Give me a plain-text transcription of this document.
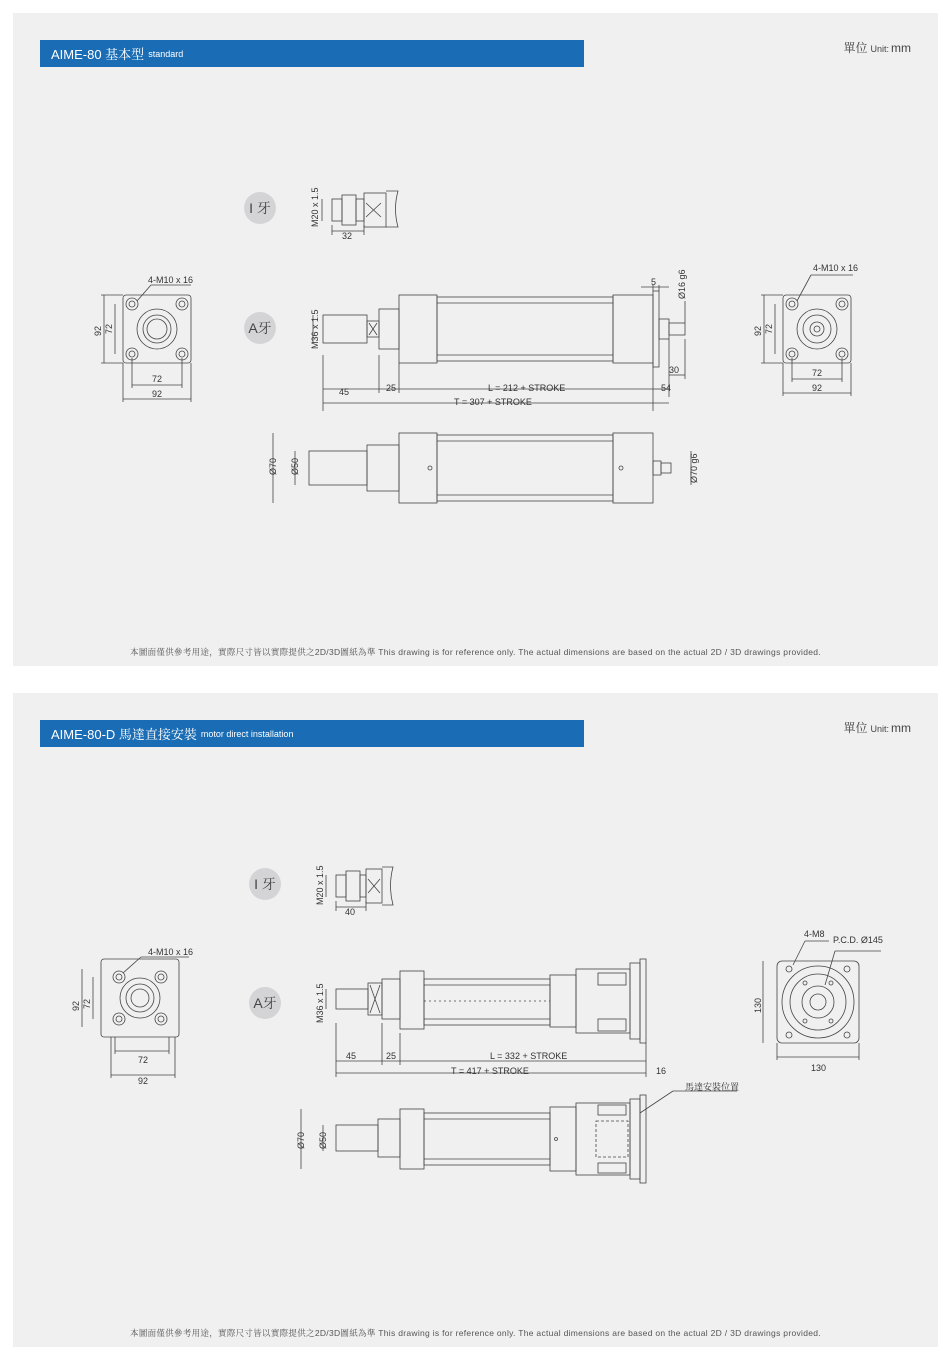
AIME-80 基本型 standard	單位 Unit: mm
I 牙
A牙
M20 x 1.5
32
M36 x 1.5
4-M10 x 16
92 72
72
92
5 Ø16 g6
30
45	25	L = 212 + STROKE	54
T = 307 + STROKE
4-M10 x 16
92 72
72
92
Ø70 Ø50	Ø70 g6
本圖面僅供參考用途，實際尺寸皆以實際提供之2D/3D圖紙為準 This drawing is for reference only. The actual dimensions are based on the actual 2D / 3D drawings provided.
AIME-80-D 馬達直接安裝 motor direct installation	單位 Unit: mm
I 牙
A牙
M20 x 1.5
40
M36 x 1.5
4-M10 x 16
92 72
72
92
4-M8
P.C.D. Ø145
130
130
45	25	L = 332 + STROKE
T = 417 + STROKE	16
馬達安裝位置
Ø70 Ø50
本圖面僅供參考用途，實際尺寸皆以實際提供之2D/3D圖紙為準 This drawing is for reference only. The actual dimensions are based on the actual 2D / 3D drawings provided.
